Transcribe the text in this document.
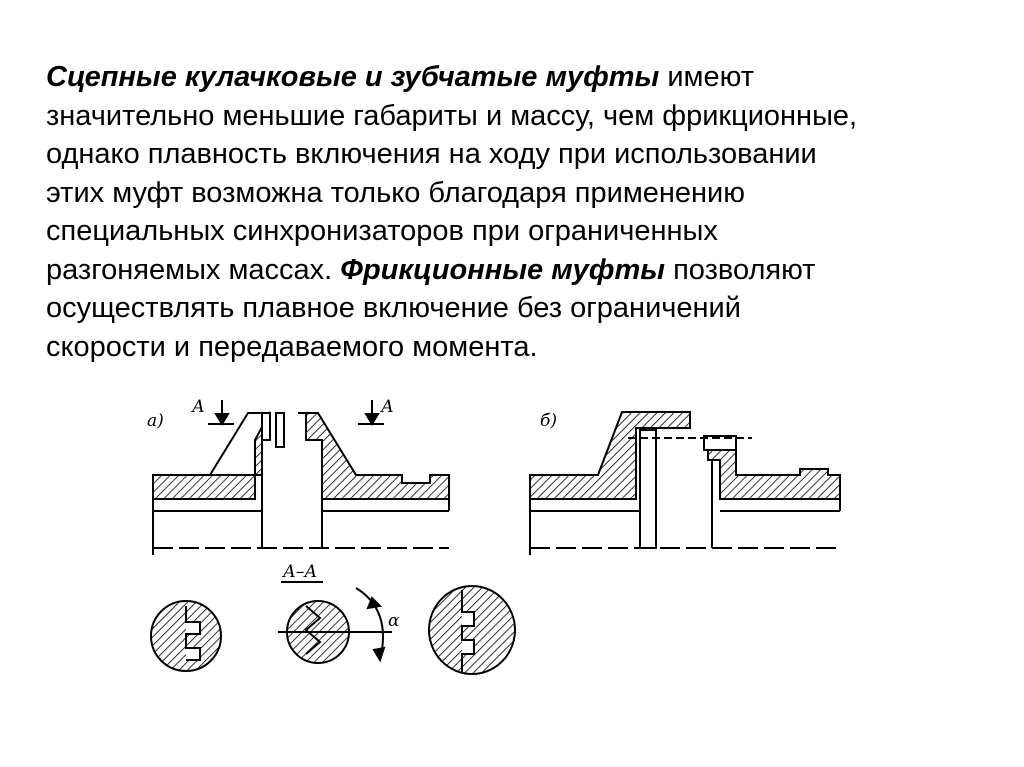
Сцепные кулачковые и зубчатые муфты имеют

значительно меньшие габариты и массу, чем фрикционные,

однако плавность включения на ходу при использовании

этих муфт возможна только благодаря применению

специальных синхронизаторов при ограниченных

разгоняемых массах. Фрикционные муфты позволяют

осуществлять плавное включение без ограничений

скорости и передаваемого момента.

а)
А	А
б)
А–А
α
